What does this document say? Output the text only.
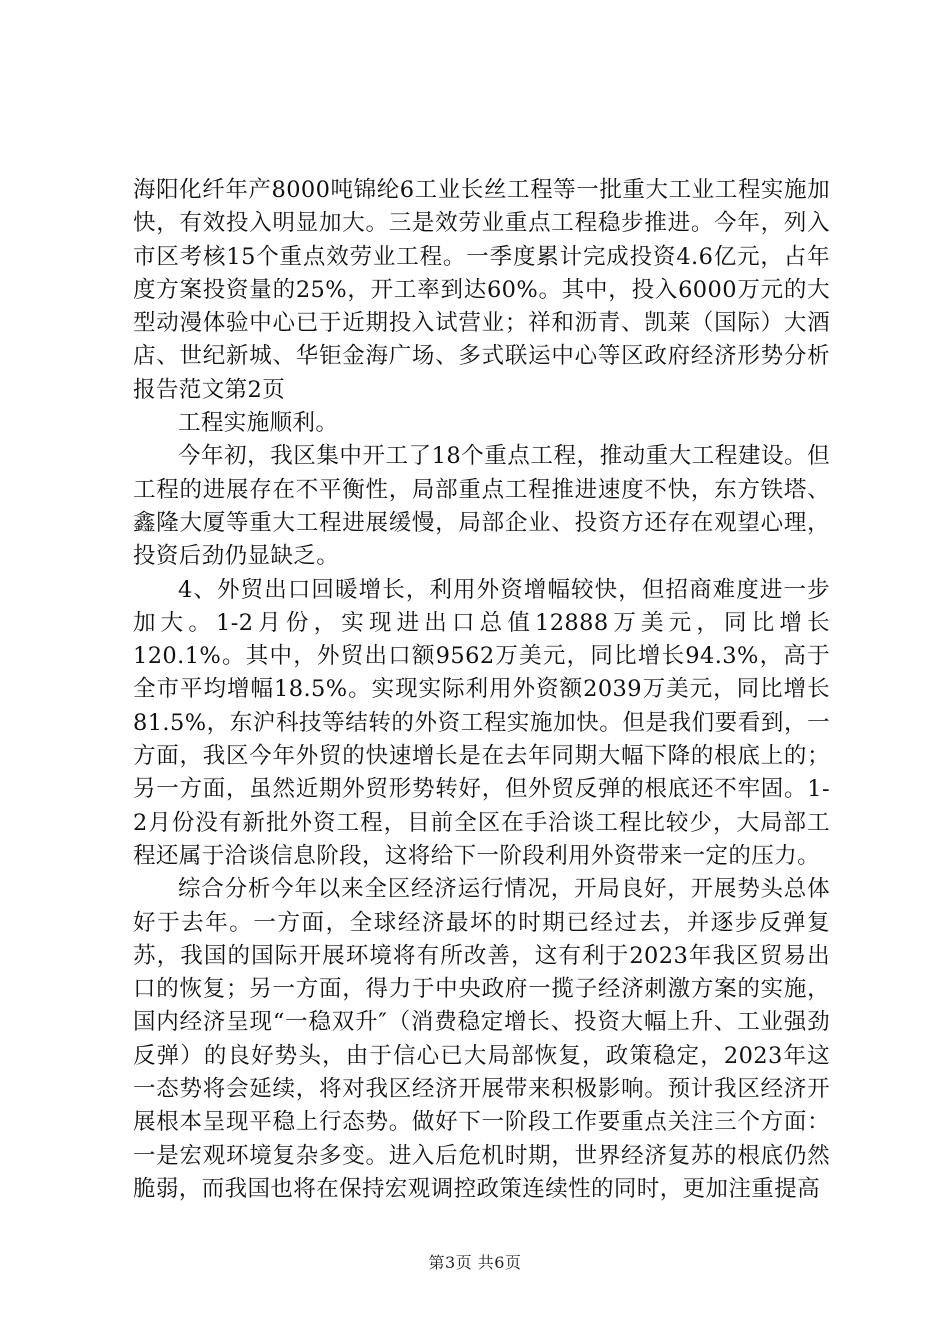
海阳化纤年产8000吨锦纶6工业长丝工程等一批重大工业工程实施加快，有效投入明显加大。三是效劳业重点工程稳步推进。今年，列入市区考核15个重点效劳业工程。一季度累计完成投资4.6亿元，占年度方案投资量的25%，开工率到达60%。其中，投入6000万元的大型动漫体验中心已于近期投入试营业；祥和沥青、凯莱（国际）大酒店、世纪新城、华钜金海广场、多式联运中心等区政府经济形势分析报告范文第2页

工程实施顺利。

今年初，我区集中开工了18个重点工程，推动重大工程建设。但工程的进展存在不平衡性，局部重点工程推进速度不快，东方铁塔、鑫隆大厦等重大工程进展缓慢，局部企业、投资方还存在观望心理，投资后劲仍显缺乏。

4、外贸出口回暖增长，利用外资增幅较快，但招商难度进一步加大。1-2月份，实现进出口总值12888万美元，同比增长120.1%。其中，外贸出口额9562万美元，同比增长94.3%，高于全市平均增幅18.5%。实现实际利用外资额2039万美元，同比增长81.5%，东沪科技等结转的外资工程实施加快。但是我们要看到，一方面，我区今年外贸的快速增长是在去年同期大幅下降的根底上的；另一方面，虽然近期外贸形势转好，但外贸反弹的根底还不牢固。1-2月份没有新批外资工程，目前全区在手洽谈工程比较少，大局部工程还属于洽谈信息阶段，这将给下一阶段利用外资带来一定的压力。

综合分析今年以来全区经济运行情况，开局良好，开展势头总体好于去年。一方面，全球经济最坏的时期已经过去，并逐步反弹复苏，我国的国际开展环境将有所改善，这有利于2023年我区贸易出口的恢复；另一方面，得力于中央政府一揽子经济刺激方案的实施，国内经济呈现“一稳双升″（消费稳定增长、投资大幅上升、工业强劲反弹）的良好势头，由于信心已大局部恢复，政策稳定，2023年这一态势将会延续，将对我区经济开展带来积极影响。预计我区经济开展根本呈现平稳上行态势。做好下一阶段工作要重点关注三个方面：一是宏观环境复杂多变。进入后危机时期，世界经济复苏的根底仍然脆弱，而我国也将在保持宏观调控政策连续性的同时，更加注重提高

第3页 共6页
